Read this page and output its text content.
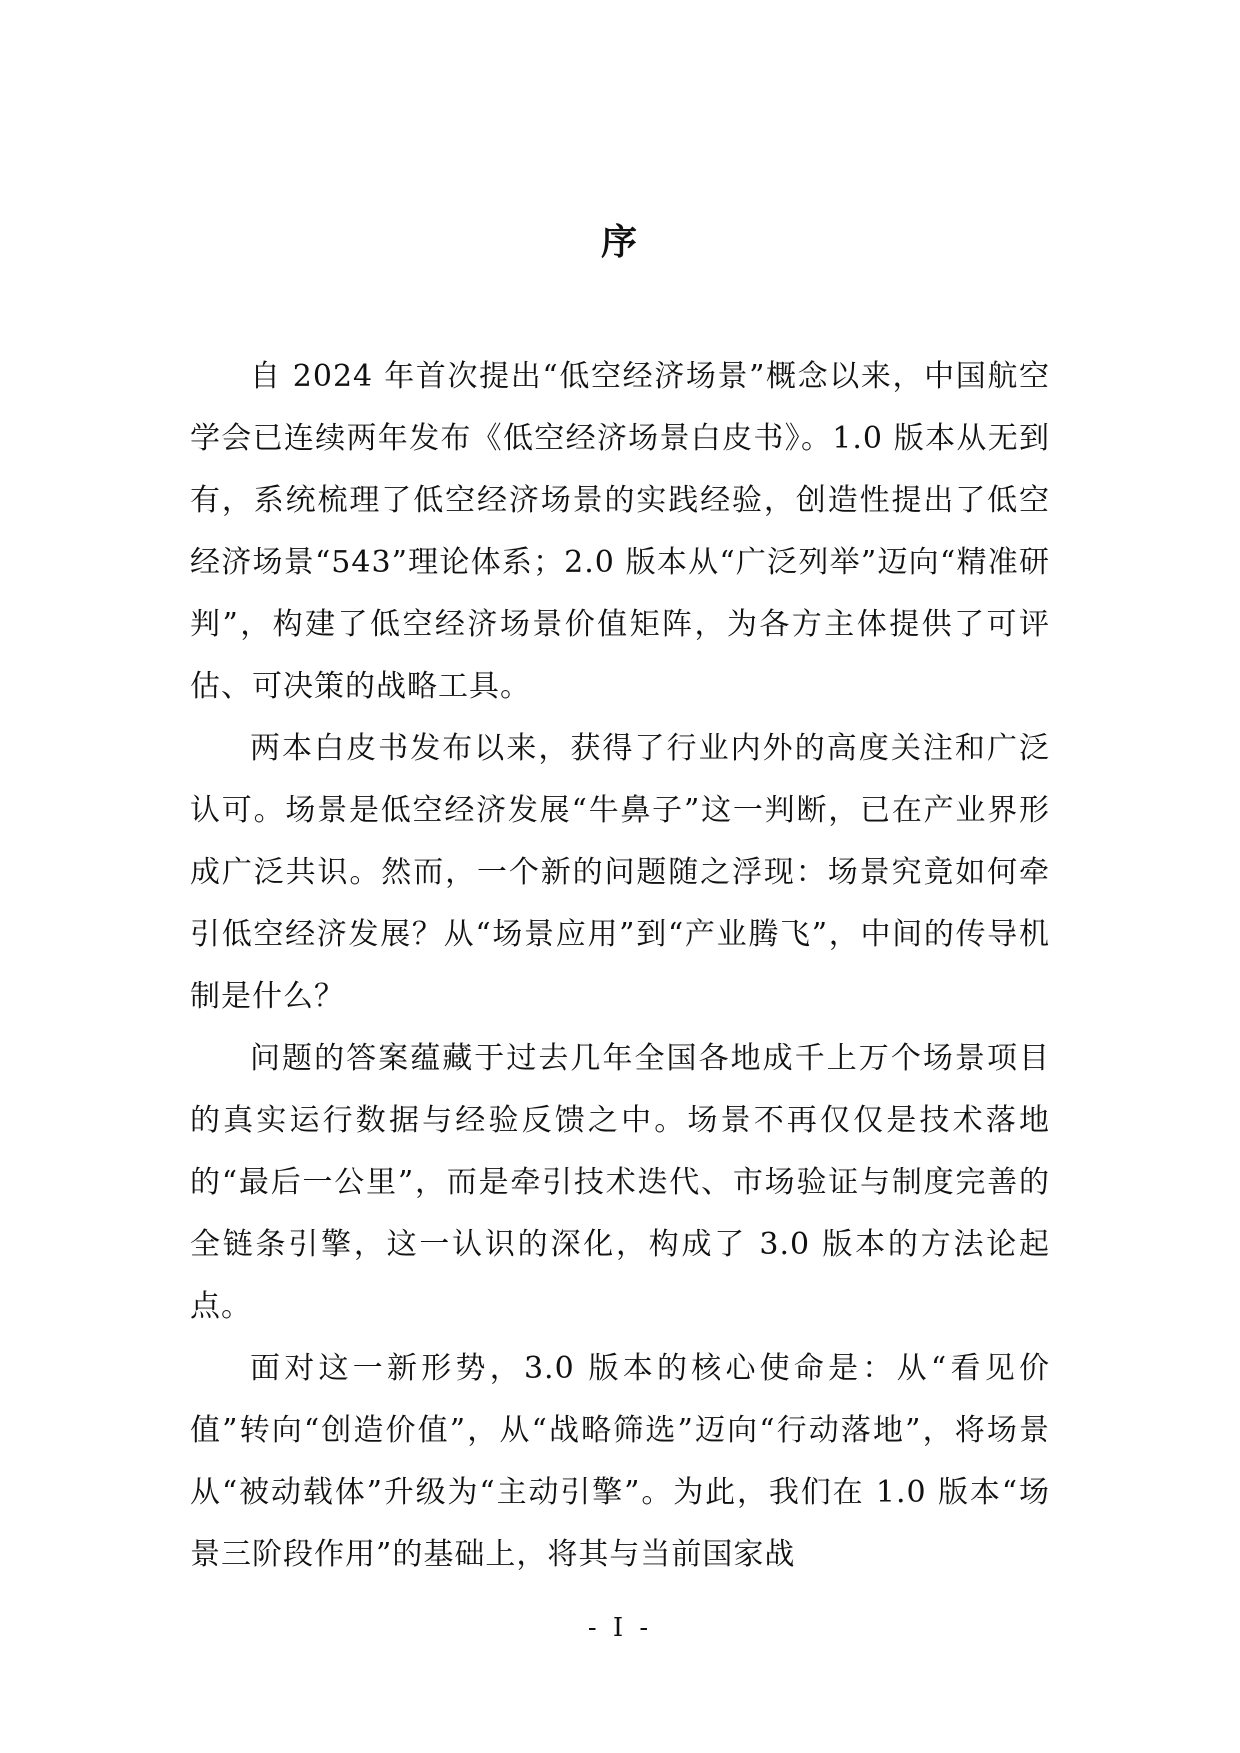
序

自 2024 年首次提出“低空经济场景”概念以来，中国航空学会已连续两年发布《低空经济场景白皮书》。1.0 版本从无到有，系统梳理了低空经济场景的实践经验，创造性提出了低空经济场景“543”理论体系；2.0 版本从“广泛列举”迈向“精准研判”，构建了低空经济场景价值矩阵，为各方主体提供了可评估、可决策的战略工具。

两本白皮书发布以来，获得了行业内外的高度关注和广泛认可。场景是低空经济发展“牛鼻子”这一判断，已在产业界形成广泛共识。然而，一个新的问题随之浮现：场景究竟如何牵引低空经济发展？从“场景应用”到“产业腾飞”，中间的传导机制是什么？

问题的答案蕴藏于过去几年全国各地成千上万个场景项目的真实运行数据与经验反馈之中。场景不再仅仅是技术落地的“最后一公里”，而是牵引技术迭代、市场验证与制度完善的全链条引擎，这一认识的深化，构成了 3.0 版本的方法论起点。

面对这一新形势，3.0 版本的核心使命是：从“看见价值”转向“创造价值”，从“战略筛选”迈向“行动落地”，将场景从“被动载体”升级为“主动引擎”。为此，我们在 1.0 版本“场景三阶段作用”的基础上，将其与当前国家战

- I -
